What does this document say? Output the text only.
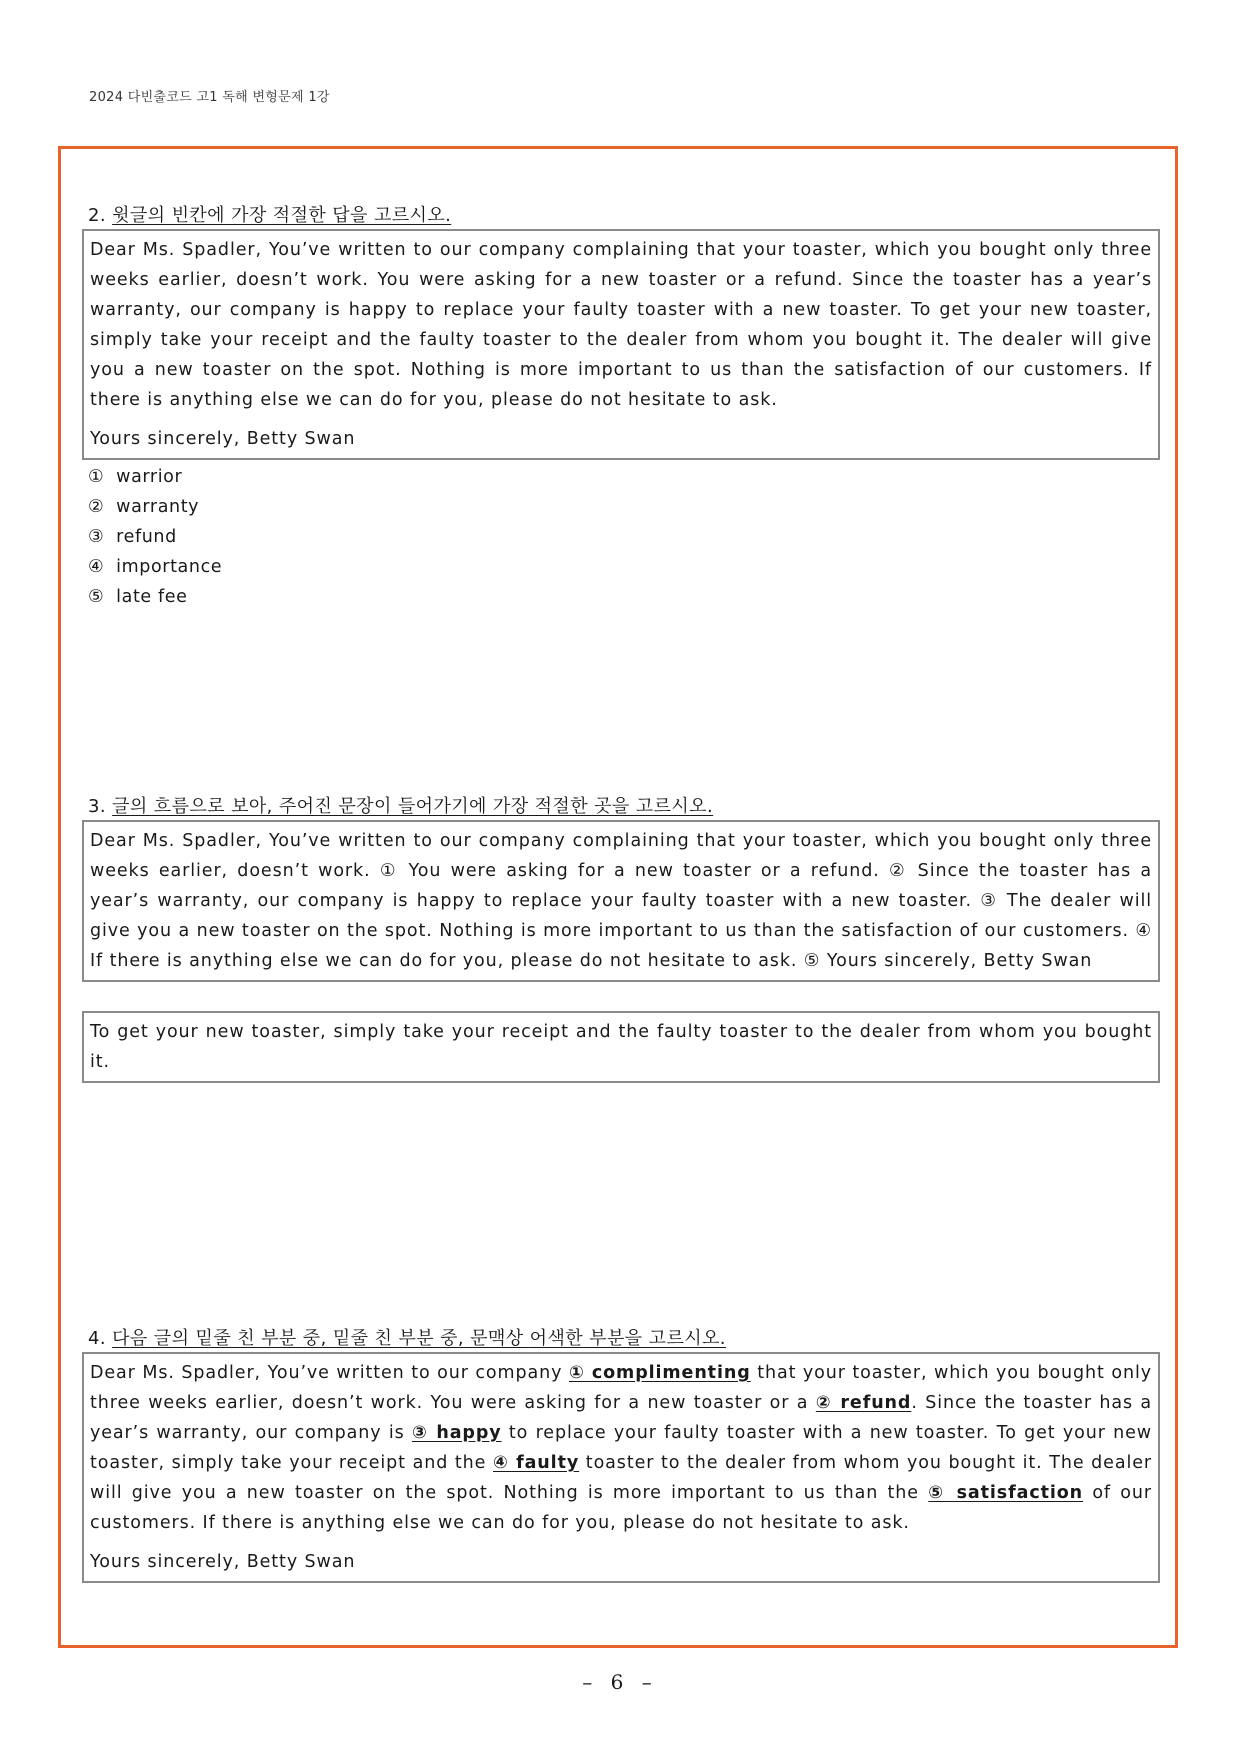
2024 다빈출코드 고1 독해 변형문제 1강
2. 윗글의 빈칸에 가장 적절한 답을 고르시오.

Dear Ms. Spadler, You’ve written to our company complaining that your toaster, which you bought only three weeks earlier, doesn’t work. You were asking for a new toaster or a refund. Since the toaster has a year’s warranty, our company is happy to replace your faulty toaster with a new toaster. To get your new toaster, simply take your receipt and the faulty toaster to the dealer from whom you bought it. The dealer will give you a new toaster on the spot. Nothing is more important to us than the satisfaction of our customers. If there is anything else we can do for you, please do not hesitate to ask.

Yours sincerely, Betty Swan

① warrior
② warranty
③ refund
④ importance
⑤ late fee
3. 글의 흐름으로 보아, 주어진 문장이 들어가기에 가장 적절한 곳을 고르시오.

Dear Ms. Spadler, You’ve written to our company complaining that your toaster, which you bought only three weeks earlier, doesn’t work. ① You were asking for a new toaster or a refund. ② Since the toaster has a year’s warranty, our company is happy to replace your faulty toaster with a new toaster. ③ The dealer will give you a new toaster on the spot. Nothing is more important to us than the satisfaction of our customers. ④ If there is anything else we can do for you, please do not hesitate to ask. ⑤ Yours sincerely, Betty Swan

To get your new toaster, simply take your receipt and the faulty toaster to the dealer from whom you bought it.

4. 다음 글의 밑줄 친 부분 중, 밑줄 친 부분 중, 문맥상 어색한 부분을 고르시오.

Dear Ms. Spadler, You’ve written to our company ① complimenting that your toaster, which you bought only three weeks earlier, doesn’t work. You were asking for a new toaster or a ② refund. Since the toaster has a year’s warranty, our company is ③ happy to replace your faulty toaster with a new toaster. To get your new toaster, simply take your receipt and the ④ faulty toaster to the dealer from whom you bought it. The dealer will give you a new toaster on the spot. Nothing is more important to us than the ⑤ satisfaction of our customers. If there is anything else we can do for you, please do not hesitate to ask.

Yours sincerely, Betty Swan

– 6 –
